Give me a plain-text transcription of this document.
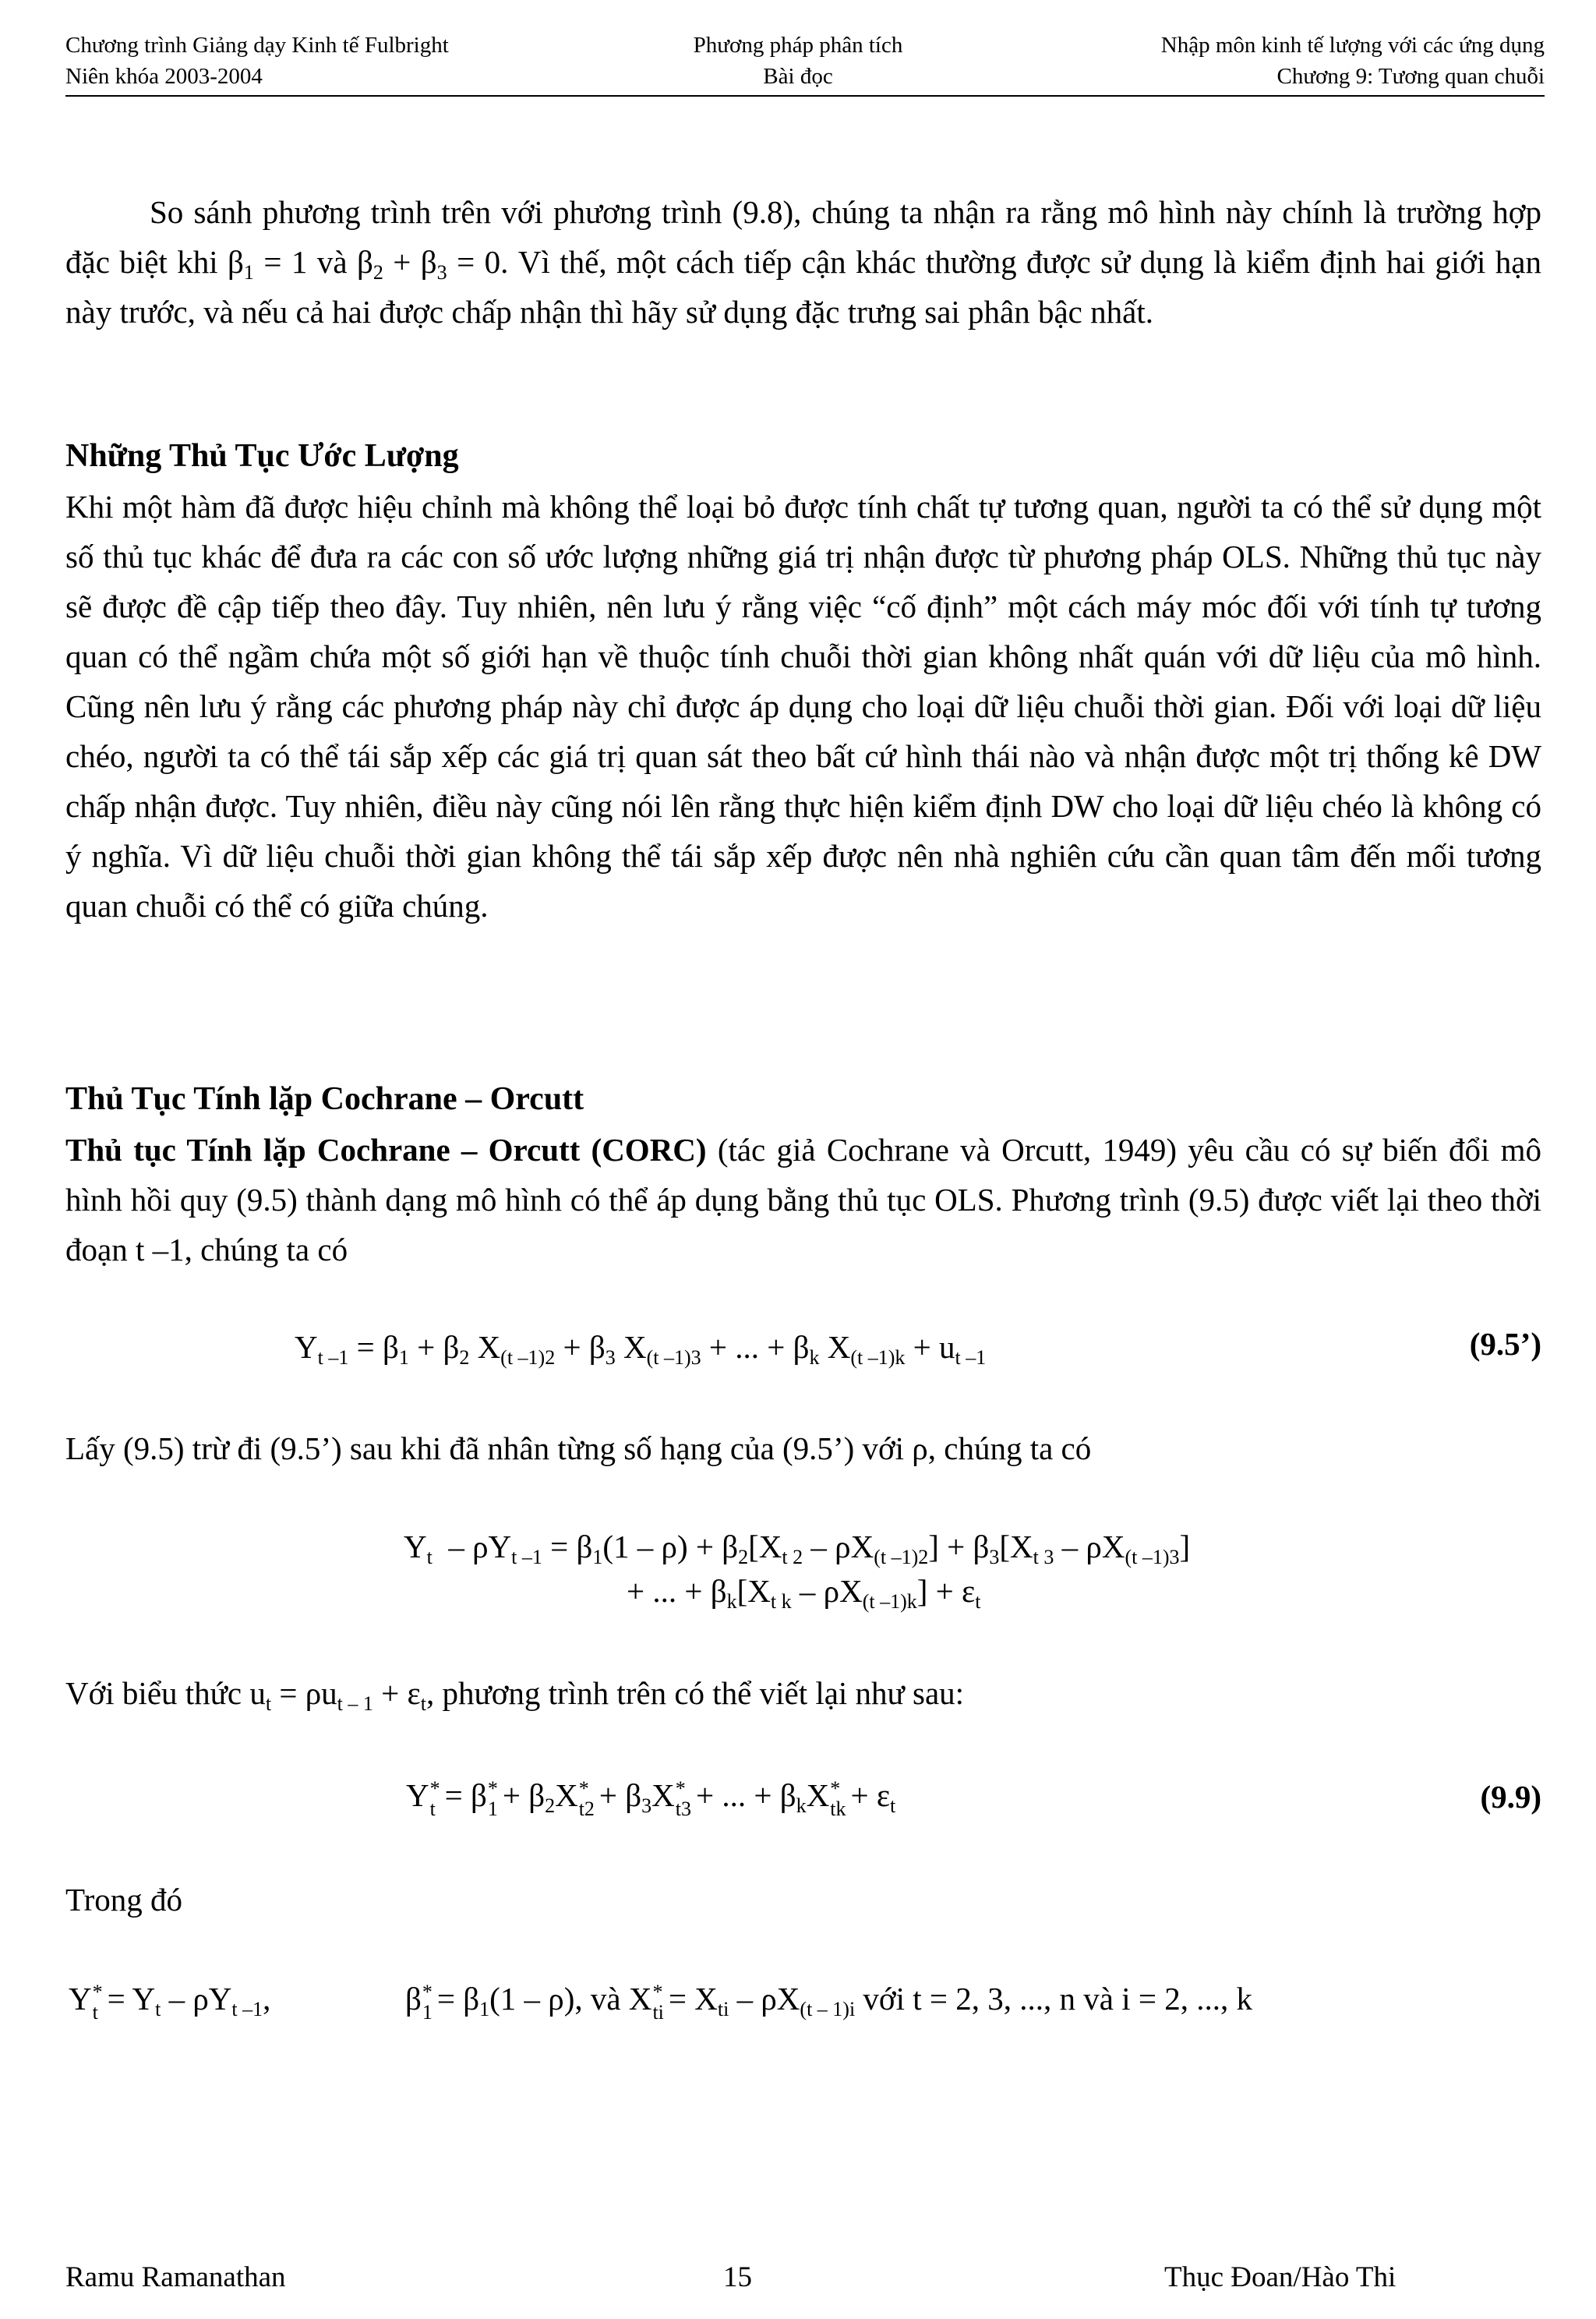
Chương trình Giảng dạy Kinh tế Fulbright
Niên khóa 2003-2004
Phương pháp phân tích
Bài đọc
Nhập môn kinh tế lượng với các ứng dụng
Chương 9: Tương quan chuỗi
So sánh phương trình trên với phương trình (9.8), chúng ta nhận ra rằng mô hình này chính là trường hợp đặc biệt khi $\beta_1 = 1$ và $\beta_2 + \beta_3 = 0$. Vì thế, một cách tiếp cận khác thường được sử dụng là kiểm định hai giới hạn này trước, và nếu cả hai được chấp nhận thì hãy sử dụng đặc trưng sai phân bậc nhất.
Những Thủ Tục Ước Lượng
Khi một hàm đã được hiệu chỉnh mà không thể loại bỏ được tính chất tự tương quan, người ta có thể sử dụng một số thủ tục khác để đưa ra các con số ước lượng những giá trị nhận được từ phương pháp OLS. Những thủ tục này sẽ được đề cập tiếp theo đây. Tuy nhiên, nên lưu ý rằng việc “cố định” một cách máy móc đối với tính tự tương quan có thể ngầm chứa một số giới hạn về thuộc tính chuỗi thời gian không nhất quán với dữ liệu của mô hình. Cũng nên lưu ý rằng các phương pháp này chỉ được áp dụng cho loại dữ liệu chuỗi thời gian. Đối với loại dữ liệu chéo, người ta có thể tái sắp xếp các giá trị quan sát theo bất cứ hình thái nào và nhận được một trị thống kê DW chấp nhận được. Tuy nhiên, điều này cũng nói lên rằng thực hiện kiểm định DW cho loại dữ liệu chéo là không có ý nghĩa. Vì dữ liệu chuỗi thời gian không thể tái sắp xếp được nên nhà nghiên cứu cần quan tâm đến mối tương quan chuỗi có thể có giữa chúng.
Thủ Tục Tính lặp Cochrane – Orcutt
Thủ tục Tính lặp Cochrane – Orcutt (CORC) (tác giả Cochrane và Orcutt, 1949) yêu cầu có sự biến đổi mô hình hồi quy (9.5) thành dạng mô hình có thể áp dụng bằng thủ tục OLS. Phương trình (9.5) được viết lại theo thời đoạn t –1, chúng ta có
$Y_{t -1} = \beta_1 + \beta_2$ $X_{(t -1)2} + \beta_3$ $X_{(t -1)3}$ + ... + $\beta_k$ $X_{(t -1)k} + u_{t -1}$	(9.5’)
Lấy (9.5) trừ đi (9.5’) sau khi đã nhân từng số hạng của (9.5’) với ρ, chúng ta có
$Y_t - \rho Y_{t -1} = \beta_1(1 - \rho) + \beta_2[X_{t 2} - \rho X_{(t -1)2}] + \beta_3[X_{t 3} - \rho X_{(t -1)3}]$
+ ... + $\beta_k[X_{t k} - \rho X_{(t -1)k}] + \varepsilon_t$
Với biểu thức $u_t = \rho u_{t - 1} + \varepsilon_t$, phương trình trên có thể viết lại như sau:
Y *
t = β *
$1 + \beta_2X$ *
$t2 + \beta_3X$ *
t3 + ... + $\beta_kX$ *
tk + $\varepsilon_t$	(9.9)
Trong đó
Y *
$t = Y_t - \rho Y_{t -1}$,	β *
$1 = \beta_1(1 - \rho)$, và X *
ti = $X_{ti} - \rho X_{(t - 1)i}$ với t = 2, 3, ..., n và i = 2, ..., k
Ramu Ramanathan	15	Thục Đoan/Hào Thi
